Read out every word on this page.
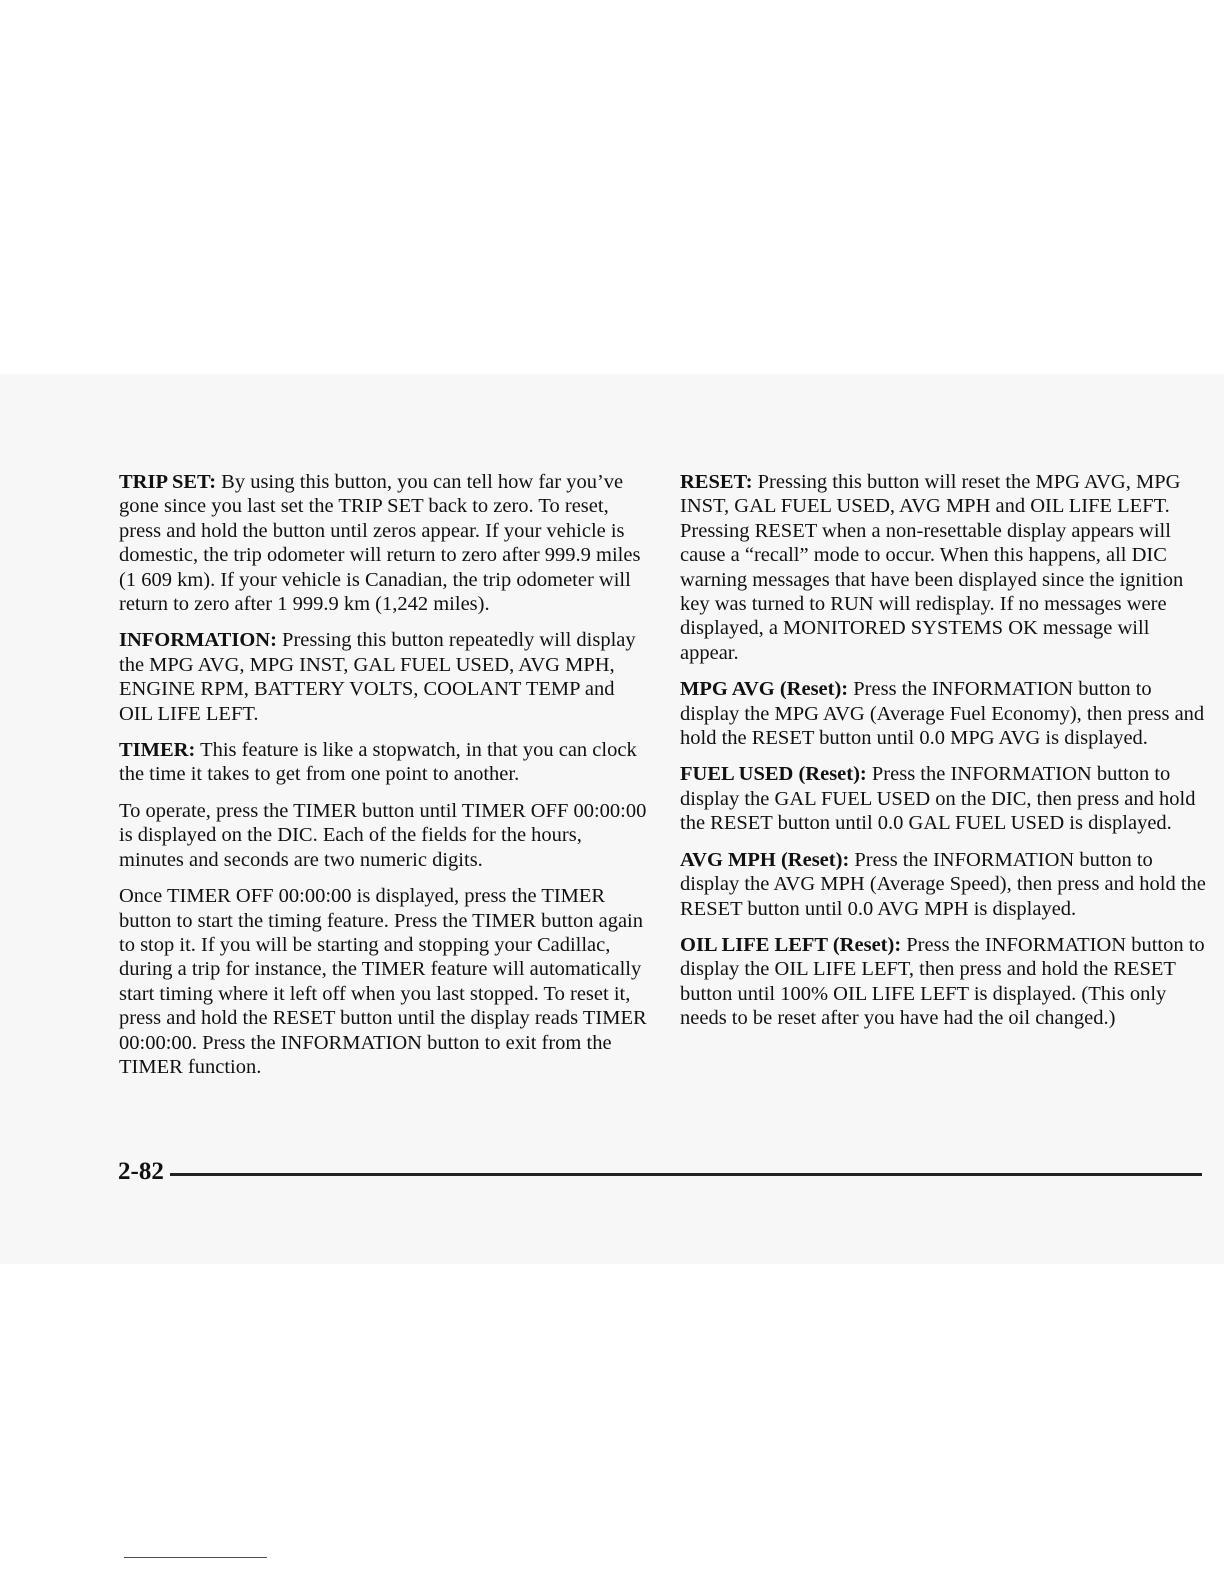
TRIP SET: By using this button, you can tell how far you’ve gone since you last set the TRIP SET back to zero. To reset, press and hold the button until zeros appear. If your vehicle is domestic, the trip odometer will return to zero after 999.9 miles (1 609 km). If your vehicle is Canadian, the trip odometer will return to zero after 1 999.9 km (1,242 miles).

INFORMATION: Pressing this button repeatedly will display the MPG AVG, MPG INST, GAL FUEL USED, AVG MPH, ENGINE RPM, BATTERY VOLTS, COOLANT TEMP and OIL LIFE LEFT.

TIMER: This feature is like a stopwatch, in that you can clock the time it takes to get from one point to another.

To operate, press the TIMER button until TIMER OFF 00:00:00 is displayed on the DIC. Each of the fields for the hours, minutes and seconds are two numeric digits.

Once TIMER OFF 00:00:00 is displayed, press the TIMER button to start the timing feature. Press the TIMER button again to stop it. If you will be starting and stopping your Cadillac, during a trip for instance, the TIMER feature will automatically start timing where it left off when you last stopped. To reset it, press and hold the RESET button until the display reads TIMER 00:00:00. Press the INFORMATION button to exit from the TIMER function.

RESET: Pressing this button will reset the MPG AVG, MPG INST, GAL FUEL USED, AVG MPH and OIL LIFE LEFT. Pressing RESET when a non-resettable display appears will cause a “recall” mode to occur. When this happens, all DIC warning messages that have been displayed since the ignition key was turned to RUN will redisplay. If no messages were displayed, a MONITORED SYSTEMS OK message will appear.

MPG AVG (Reset): Press the INFORMATION button to display the MPG AVG (Average Fuel Economy), then press and hold the RESET button until 0.0 MPG AVG is displayed.

FUEL USED (Reset): Press the INFORMATION button to display the GAL FUEL USED on the DIC, then press and hold the RESET button until 0.0 GAL FUEL USED is displayed.

AVG MPH (Reset): Press the INFORMATION button to display the AVG MPH (Average Speed), then press and hold the RESET button until 0.0 AVG MPH is displayed.

OIL LIFE LEFT (Reset): Press the INFORMATION button to display the OIL LIFE LEFT, then press and hold the RESET button until 100% OIL LIFE LEFT is displayed. (This only needs to be reset after you have had the oil changed.)

2-82
